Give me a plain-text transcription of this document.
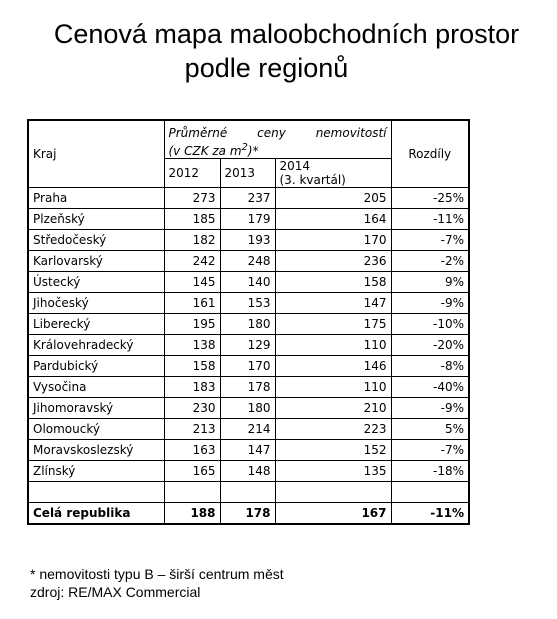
Cenová mapa maloobchodních prostor
podle regionů
Kraj	Průměrné ceny nemovitostí
(v CZK za $m^2)*$			Rozdíly
	2012	2013	2014
(3. kvartál)	

Praha	273	237	205	-25%
Plzeňský	185	179	164	-11%
Středočeský	182	193	170	-7%
Karlovarský	242	248	236	-2%
Ústecký	145	140	158	9%
Jihočeský	161	153	147	-9%
Liberecký	195	180	175	-10%
Královehradecký	138	129	110	-20%
Pardubický	158	170	146	-8%
Vysočina	183	178	110	-40%
Jihomoravský	230	180	210	-9%
Olomoucký	213	214	223	5%
Moravskoslezský	163	147	152	-7%
Zlínský	165	148	135	-18%

Celá republika	188	178	167	-11%
* nemovitosti typu B – širší centrum měst
zdroj: RE/MAX Commercial
